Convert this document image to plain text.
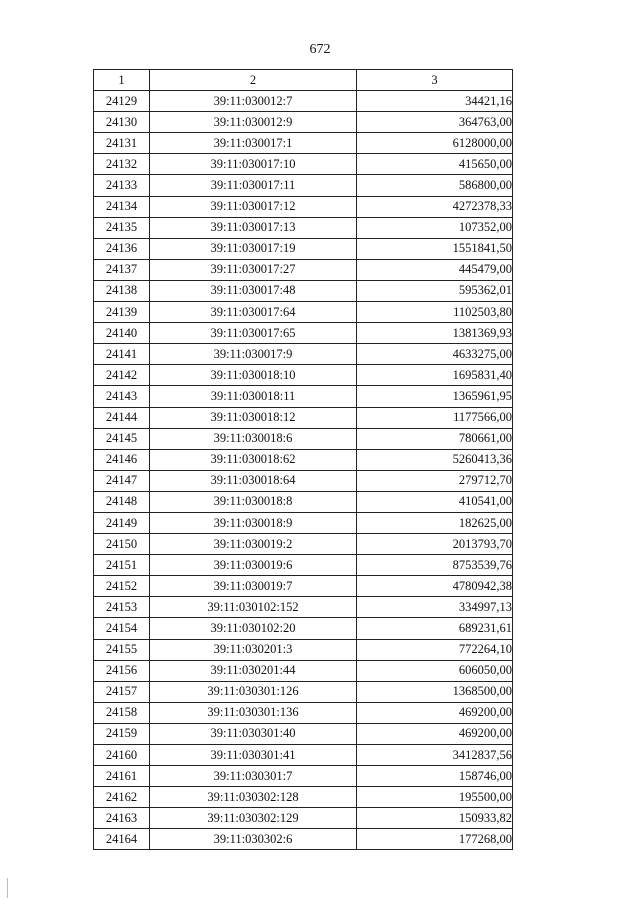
672
1	2	3
24129	39:11:030012:7	34421,16
24130	39:11:030012:9	364763,00
24131	39:11:030017:1	6128000,00
24132	39:11:030017:10	415650,00
24133	39:11:030017:11	586800,00
24134	39:11:030017:12	4272378,33
24135	39:11:030017:13	107352,00
24136	39:11:030017:19	1551841,50
24137	39:11:030017:27	445479,00
24138	39:11:030017:48	595362,01
24139	39:11:030017:64	1102503,80
24140	39:11:030017:65	1381369,93
24141	39:11:030017:9	4633275,00
24142	39:11:030018:10	1695831,40
24143	39:11:030018:11	1365961,95
24144	39:11:030018:12	1177566,00
24145	39:11:030018:6	780661,00
24146	39:11:030018:62	5260413,36
24147	39:11:030018:64	279712,70
24148	39:11:030018:8	410541,00
24149	39:11:030018:9	182625,00
24150	39:11:030019:2	2013793,70
24151	39:11:030019:6	8753539,76
24152	39:11:030019:7	4780942,38
24153	39:11:030102:152	334997,13
24154	39:11:030102:20	689231,61
24155	39:11:030201:3	772264,10
24156	39:11:030201:44	606050,00
24157	39:11:030301:126	1368500,00
24158	39:11:030301:136	469200,00
24159	39:11:030301:40	469200,00
24160	39:11:030301:41	3412837,56
24161	39:11:030301:7	158746,00
24162	39:11:030302:128	195500,00
24163	39:11:030302:129	150933,82
24164	39:11:030302:6	177268,00
